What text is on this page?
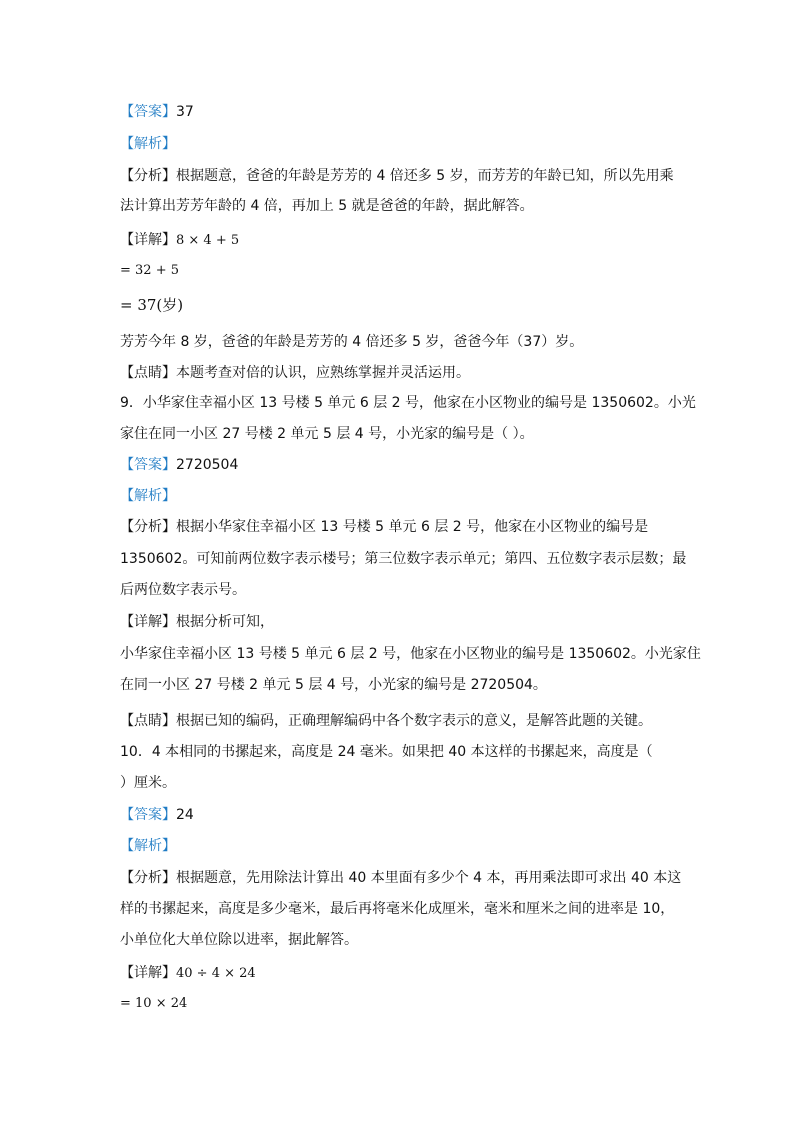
【答案】37
【解析】
【分析】根据题意，爸爸的年龄是芳芳的 4 倍还多 5 岁，而芳芳的年龄已知，所以先用乘
法计算出芳芳年龄的 4 倍，再加上 5 就是爸爸的年龄，据此解答。
【详解】8 × 4 + 5
= 32 + 5
= 37(岁)
芳芳今年 8 岁，爸爸的年龄是芳芳的 4 倍还多 5 岁，爸爸今年（37）岁。
【点睛】本题考查对倍的认识，应熟练掌握并灵活运用。
9．小华家住幸福小区 13 号楼 5 单元 6 层 2 号，他家在小区物业的编号是 1350602。小光
家住在同一小区 27 号楼 2 单元 5 层 4 号，小光家的编号是（ ）。
【答案】2720504
【解析】
【分析】根据小华家住幸福小区 13 号楼 5 单元 6 层 2 号，他家在小区物业的编号是
1350602。可知前两位数字表示楼号；第三位数字表示单元；第四、五位数字表示层数；最
后两位数字表示号。
【详解】根据分析可知，
小华家住幸福小区 13 号楼 5 单元 6 层 2 号，他家在小区物业的编号是 1350602。小光家住
在同一小区 27 号楼 2 单元 5 层 4 号，小光家的编号是 2720504。
【点睛】根据已知的编码，正确理解编码中各个数字表示的意义，是解答此题的关键。
10．4 本相同的书摞起来，高度是 24 毫米。如果把 40 本这样的书摞起来，高度是（
）厘米。
【答案】24
【解析】
【分析】根据题意，先用除法计算出 40 本里面有多少个 4 本，再用乘法即可求出 40 本这
样的书摞起来，高度是多少毫米，最后再将毫米化成厘米，毫米和厘米之间的进率是 10，
小单位化大单位除以进率，据此解答。
【详解】40 ÷ 4 × 24
= 10 × 24
